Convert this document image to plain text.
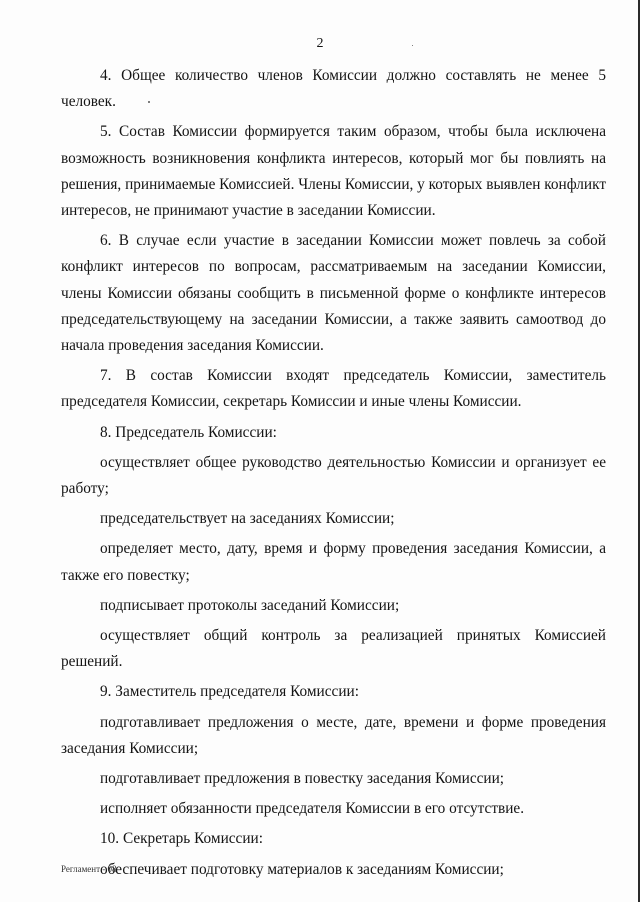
2

4. Общее количество членов Комиссии должно составлять не менее 5 человек.

5. Состав Комиссии формируется таким образом, чтобы была исключена возможность возникновения конфликта интересов, который мог бы повлиять на решения, принимаемые Комиссией. Члены Комиссии, у которых выявлен конфликт интересов, не принимают участие в заседании Комиссии.

6. В случае если участие в заседании Комиссии может повлечь за собой конфликт интересов по вопросам, рассматриваемым на заседании Комиссии, члены Комиссии обязаны сообщить в письменной форме о конфликте интересов председательствующему на заседании Комиссии, а также заявить самоотвод до начала проведения заседания Комиссии.

7. В состав Комиссии входят председатель Комиссии, заместитель председателя Комиссии, секретарь Комиссии и иные члены Комиссии.

8. Председатель Комиссии:

осуществляет общее руководство деятельностью Комиссии и организует ее работу;

председательствует на заседаниях Комиссии;

определяет место, дату, время и форму проведения заседания Комиссии, а также его повестку;

подписывает протоколы заседаний Комиссии;

осуществляет общий контроль за реализацией принятых Комиссией решений.

9. Заместитель председателя Комиссии:

подготавливает предложения о месте, дате, времени и форме проведения заседания Комиссии;

подготавливает предложения в повестку заседания Комиссии;

исполняет обязанности председателя Комиссии в его отсутствие.

10. Секретарь Комиссии:

обеспечивает подготовку материалов к заседаниям Комиссии;

Регламент - 08
